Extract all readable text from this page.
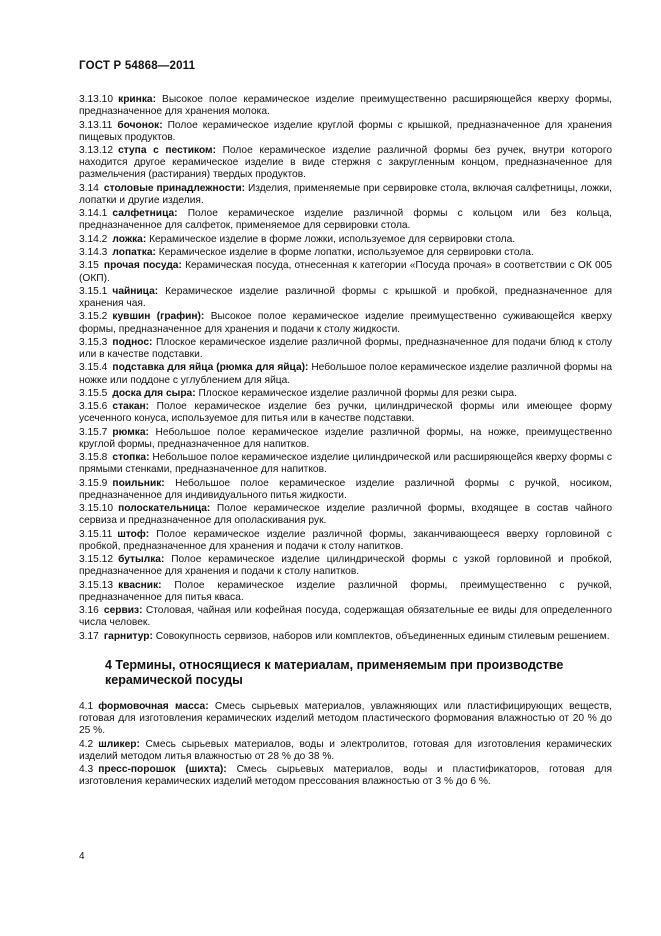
ГОСТ Р 54868—2011

3.13.10  кринка: Высокое полое керамическое изделие преимущественно расширяющейся кверху формы, предназначенное для хранения молока.

3.13.11  бочонок: Полое керамическое изделие круглой формы с крышкой, предназначенное для хранения пищевых продуктов.

3.13.12  ступа с пестиком: Полое керамическое изделие различной формы без ручек, внутри которого находится другое керамическое изделие в виде стержня с закругленным концом, предназначенное для размельчения (растирания) твердых продуктов.

3.14  столовые принадлежности: Изделия, применяемые при сервировке стола, включая салфетницы, ложки, лопатки и другие изделия.

3.14.1  салфетница: Полое керамическое изделие различной формы с кольцом или без кольца, предназначенное для салфеток, применяемое для сервировки стола.

3.14.2  ложка: Керамическое изделие в форме ложки, используемое для сервировки стола.

3.14.3  лопатка: Керамическое изделие в форме лопатки, используемое для сервировки стола.

3.15  прочая посуда: Керамическая посуда, отнесенная к категории «Посуда прочая» в соответствии с ОК 005 (ОКП).

3.15.1  чайница: Керамическое изделие различной формы с крышкой и пробкой, предназначенное для хранения чая.

3.15.2  кувшин (графин): Высокое полое керамическое изделие преимущественно суживающейся кверху формы, предназначенное для хранения и подачи к столу жидкости.

3.15.3  поднос: Плоское керамическое изделие различной формы, предназначенное для подачи блюд к столу или в качестве подставки.

3.15.4  подставка для яйца (рюмка для яйца): Небольшое полое керамическое изделие различной формы на ножке или поддоне с углублением для яйца.

3.15.5  доска для сыра: Плоское керамическое изделие различной формы для резки сыра.

3.15.6  стакан: Полое керамическое изделие без ручки, цилиндрической формы или имеющее форму усеченного конуса, используемое для питья или в качестве подставки.

3.15.7  рюмка: Небольшое полое керамическое изделие различной формы, на ножке, преимущественно круглой формы, предназначенное для напитков.

3.15.8  стопка: Небольшое полое керамическое изделие цилиндрической или расширяющейся кверху формы с прямыми стенками, предназначенное для напитков.

3.15.9  поильник: Небольшое полое керамическое изделие различной формы с ручкой, носиком, предназначенное для индивидуального питья жидкости.

3.15.10  полоскательница: Полое керамическое изделие различной формы, входящее в состав чайного сервиза и предназначенное для ополаскивания рук.

3.15.11  штоф: Полое керамическое изделие различной формы, заканчивающееся вверху горловиной с пробкой, предназначенное для хранения и подачи к столу напитков.

3.15.12  бутылка: Полое керамическое изделие цилиндрической формы с узкой горловиной и пробкой, предназначенное для хранения и подачи к столу напитков.

3.15.13  квасник: Полое керамическое изделие различной формы, преимущественно с ручкой, предназначенное для питья кваса.

3.16  сервиз: Столовая, чайная или кофейная посуда, содержащая обязательные ее виды для определенного числа человек.

3.17  гарнитур: Совокупность сервизов, наборов или комплектов, объединенных единым стилевым решением.

4 Термины, относящиеся к материалам, применяемым при производстве керамической посуды

4.1  формовочная масса: Смесь сырьевых материалов, увлажняющих или пластифицирующих веществ, готовая для изготовления керамических изделий методом пластического формования влажностью от 20 % до 25 %.

4.2  шликер: Смесь сырьевых материалов, воды и электролитов, готовая для изготовления керамических изделий методом литья влажностью от 28 % до 38 %.

4.3  пресс-порошок (шихта): Смесь сырьевых материалов, воды и пластификаторов, готовая для изготовления керамических изделий методом прессования влажностью от 3 % до 6 %.

4
